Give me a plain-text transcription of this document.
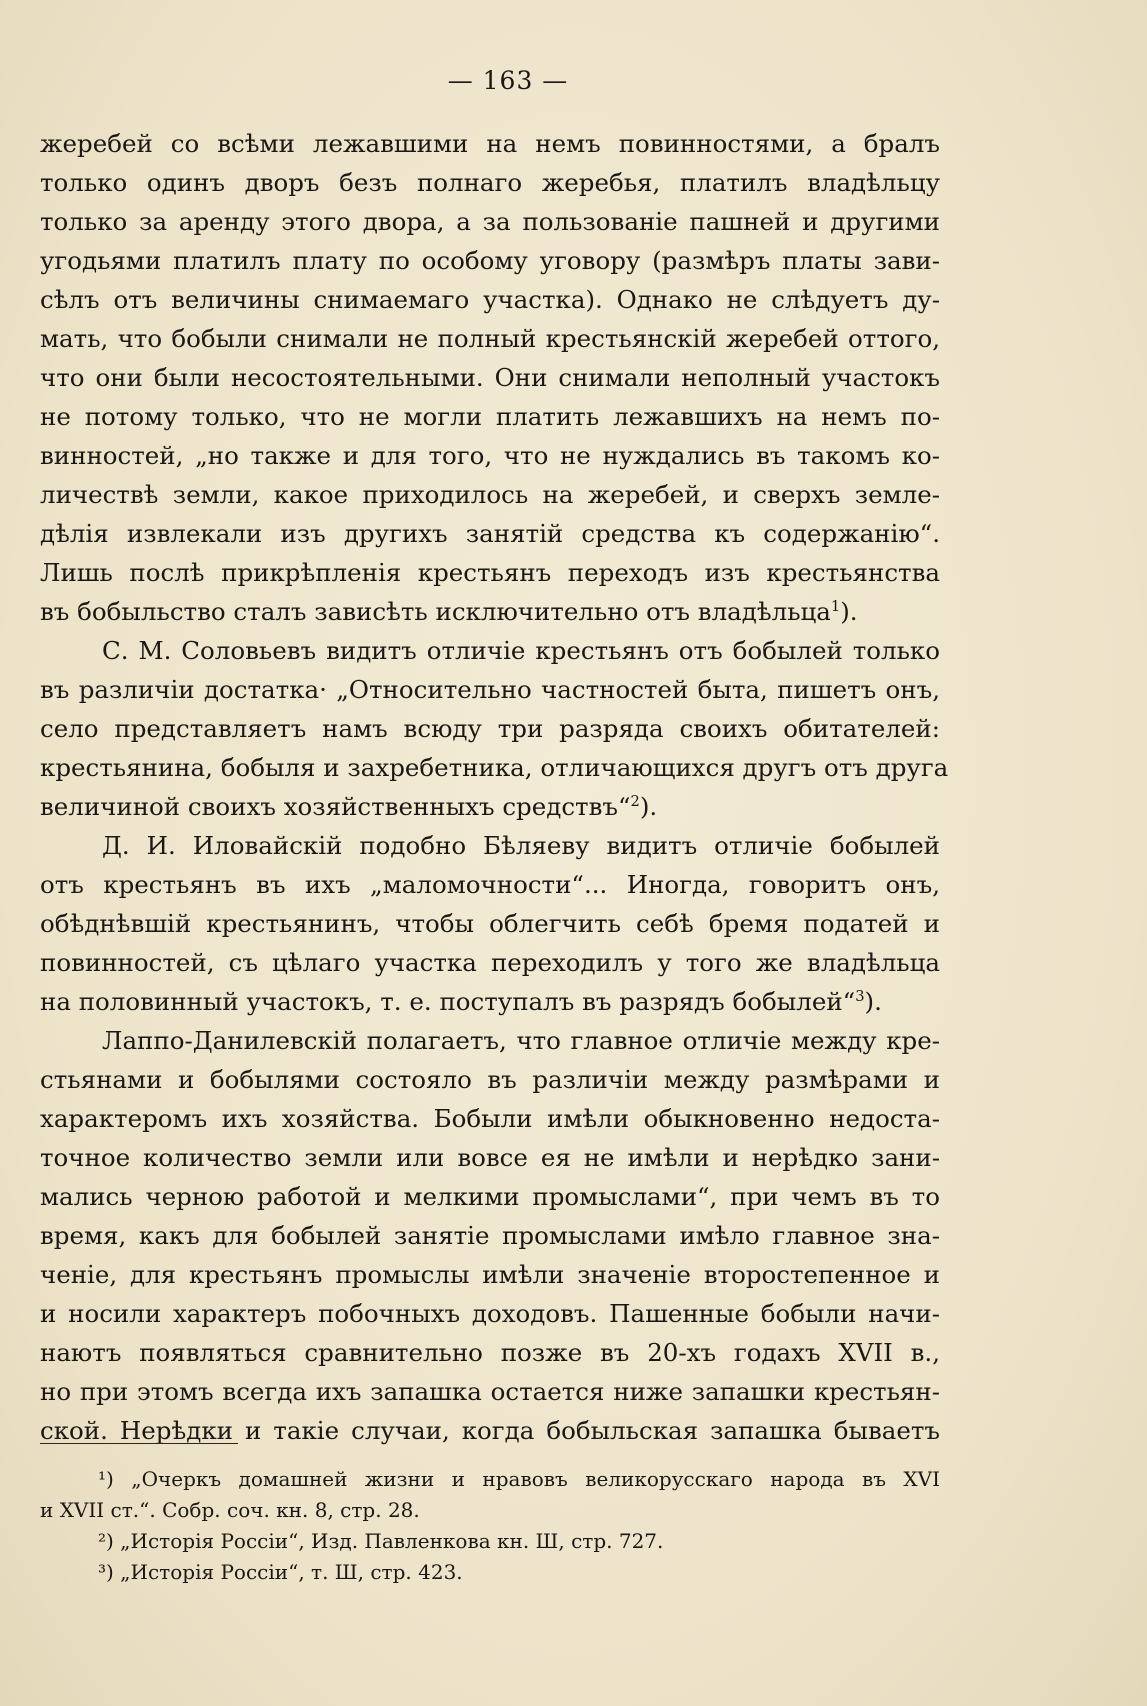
— 163 —
жеребей со всѣми лежавшими на немъ повинностями, а бралъ
только одинъ дворъ безъ полнаго жеребья, платилъ владѣльцу
только за аренду этого двора, а за пользованіе пашней и другими
угодьями платилъ плату по особому уговору (размѣръ платы зави-
сѣлъ отъ величины снимаемаго участка). Однако не слѣдуетъ ду-
мать, что бобыли снимали не полный крестьянскій жеребей оттого,
что они были несостоятельными. Они снимали неполный участокъ
не потому только, что не могли платить лежавшихъ на немъ по-
винностей, „но также и для того, что не нуждались въ такомъ ко-
личествѣ земли, какое приходилось на жеребей, и сверхъ земле-
дѣлія извлекали изъ другихъ занятій средства къ содержанію“.
Лишь послѣ прикрѣпленія крестьянъ переходъ изъ крестьянства
въ бобыльство сталъ зависѣть исключительно отъ владѣльца$^1$).
С. М. Соловьевъ видитъ отличіе крестьянъ отъ бобылей только
въ различіи достатка· „Относительно частностей быта, пишетъ онъ,
село представляетъ намъ всюду три разряда своихъ обитателей:
крестьянина, бобыля и захребетника, отличающихся другъ отъ друга
величиной своихъ хозяйственныхъ средствъ“$^2$).
Д. И. Иловайскій подобно Бѣляеву видитъ отличіе бобылей
отъ крестьянъ въ ихъ „маломочности“... Иногда, говоритъ онъ,
обѣднѣвшій крестьянинъ, чтобы облегчить себѣ бремя податей и
повинностей, съ цѣлаго участка переходилъ у того же владѣльца
на половинный участокъ, т. е. поступалъ въ разрядъ бобылей“$^3$).
Лаппо-Данилевскій полагаетъ, что главное отличіе между кре-
стьянами и бобылями состояло въ различіи между размѣрами и
характеромъ ихъ хозяйства. Бобыли имѣли обыкновенно недоста-
точное количество земли или вовсе ея не имѣли и нерѣдко зани-
мались черною работой и мелкими промыслами“, при чемъ въ то
время, какъ для бобылей занятіе промыслами имѣло главное зна-
ченіе, для крестьянъ промыслы имѣли значеніе второстепенное и
и носили характеръ побочныхъ доходовъ. Пашенные бобыли начи-
наютъ появляться сравнительно позже въ 20-хъ годахъ XVII в.,
но при этомъ всегда ихъ запашка остается ниже запашки крестьян-
ской. Нерѣдки и такіе случаи, когда бобыльская запашка бываетъ
¹) „Очеркъ домашней жизни и нравовъ великорусскаго народа въ XVI
и XVII ст.“. Собр. соч. кн. 8, стр. 28.
²) „Исторія Россіи“, Изд. Павленкова кн. Ш, стр. 727.
³) „Исторія Россіи“, т. Ш, стр. 423.
